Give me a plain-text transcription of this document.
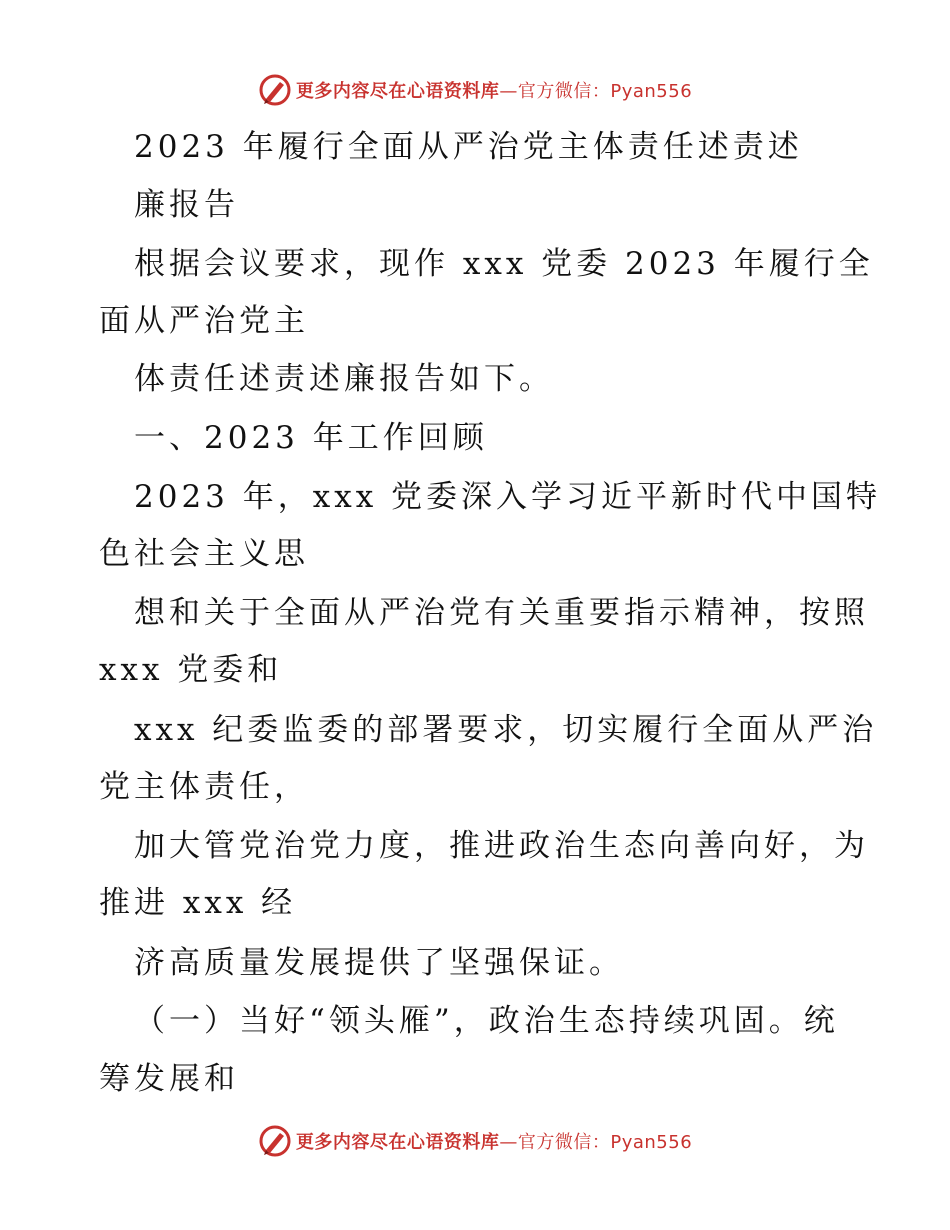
更多内容尽在心语资料库—官方微信：Pyan556
2023 年履行全面从严治党主体责任述责述
廉报告
根据会议要求，现作 xxx 党委 2023 年履行全
面从严治党主
体责任述责述廉报告如下。
一、2023 年工作回顾
2023 年，xxx 党委深入学习近平新时代中国特
色社会主义思
想和关于全面从严治党有关重要指示精神，按照
xxx 党委和
xxx 纪委监委的部署要求，切实履行全面从严治
党主体责任，
加大管党治党力度，推进政治生态向善向好，为
推进 xxx 经
济高质量发展提供了坚强保证。
（一）当好“领头雁”，政治生态持续巩固。统
筹发展和
更多内容尽在心语资料库—官方微信：Pyan556
